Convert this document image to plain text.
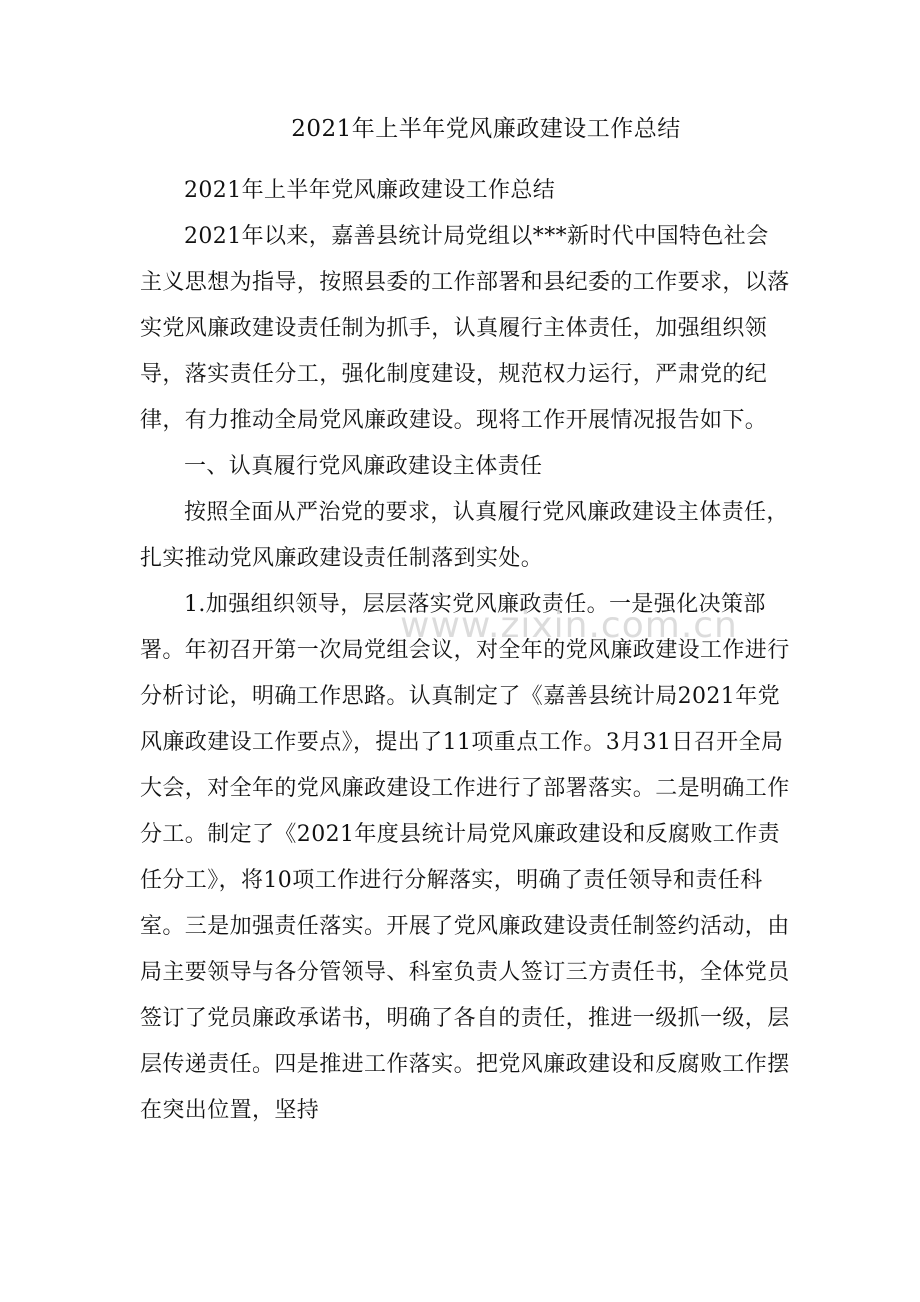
2021年上半年党风廉政建设工作总结

2021年上半年党风廉政建设工作总结

2021年以来，嘉善县统计局党组以***新时代中国特色社会主义思想为指导，按照县委的工作部署和县纪委的工作要求，以落实党风廉政建设责任制为抓手，认真履行主体责任，加强组织领导，落实责任分工，强化制度建设，规范权力运行，严肃党的纪律，有力推动全局党风廉政建设。现将工作开展情况报告如下。

一、认真履行党风廉政建设主体责任

按照全面从严治党的要求，认真履行党风廉政建设主体责任，扎实推动党风廉政建设责任制落到实处。

1.加强组织领导，层层落实党风廉政责任。一是强化决策部署。年初召开第一次局党组会议，对全年的党风廉政建设工作进行分析讨论，明确工作思路。认真制定了《嘉善县统计局2021年党风廉政建设工作要点》，提出了11项重点工作。3月31日召开全局大会，对全年的党风廉政建设工作进行了部署落实。二是明确工作分工。制定了《2021年度县统计局党风廉政建设和反腐败工作责任分工》，将10项工作进行分解落实，明确了责任领导和责任科室。三是加强责任落实。开展了党风廉政建设责任制签约活动，由局主要领导与各分管领导、科室负责人签订三方责任书，全体党员签订了党员廉政承诺书，明确了各自的责任，推进一级抓一级，层层传递责任。四是推进工作落实。把党风廉政建设和反腐败工作摆在突出位置，坚持

www.zixin.com.cn
